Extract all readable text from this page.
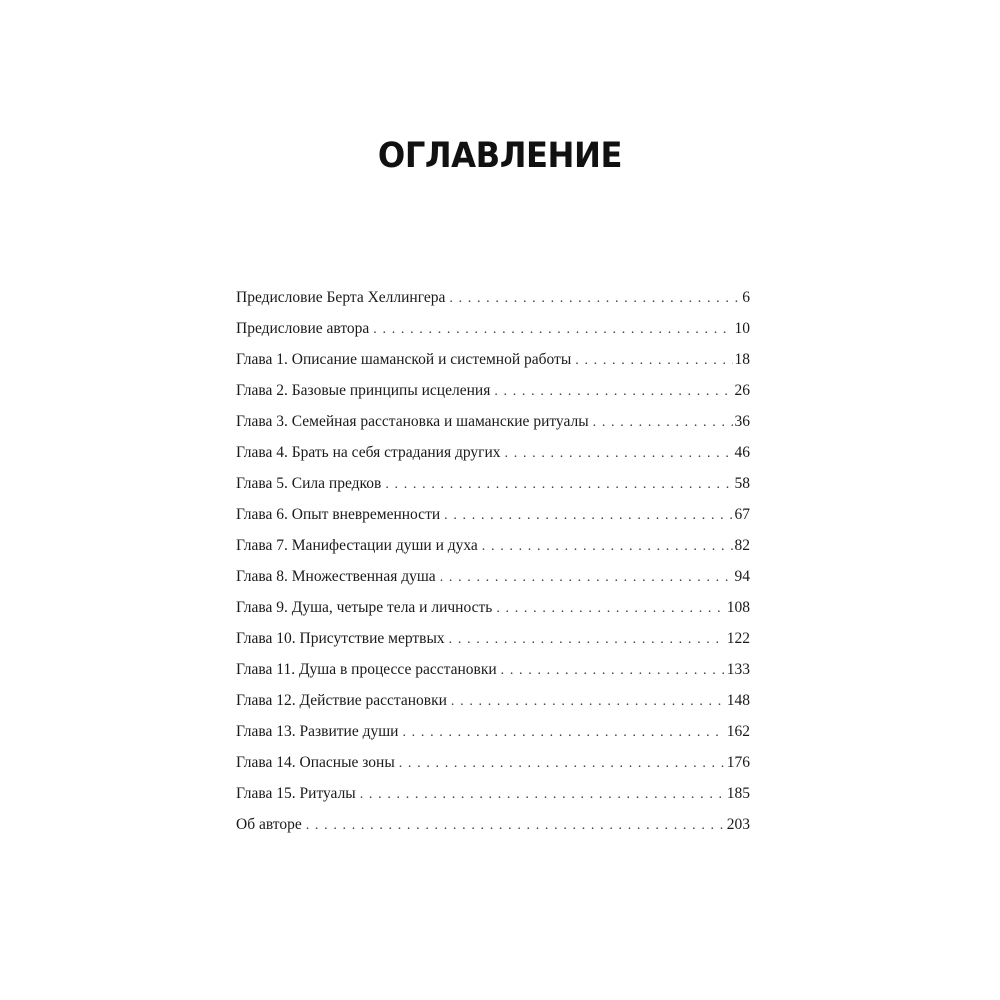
ОГЛАВЛЕНИЕ
Предисловие Берта Хеллингера . . .	6
Предисловие автора . . .	10
Глава 1. Описание шаманской и системной работы . . .	18
Глава 2. Базовые принципы исцеления . . .	26
Глава 3. Семейная расстановка и шаманские ритуалы . . .	36
Глава 4. Брать на себя страдания других . . .	46
Глава 5. Сила предков . . .	58
Глава 6. Опыт вневременности . . .	67
Глава 7. Манифестации души и духа . . .	82
Глава 8. Множественная душа . . .	94
Глава 9. Душа, четыре тела и личность . . .	108
Глава 10. Присутствие мертвых . . .	122
Глава 11. Душа в процессе расстановки . . .	133
Глава 12. Действие расстановки . . .	148
Глава 13. Развитие души . . .	162
Глава 14. Опасные зоны . . .	176
Глава 15. Ритуалы . . .	185
Об авторе . . .	203
